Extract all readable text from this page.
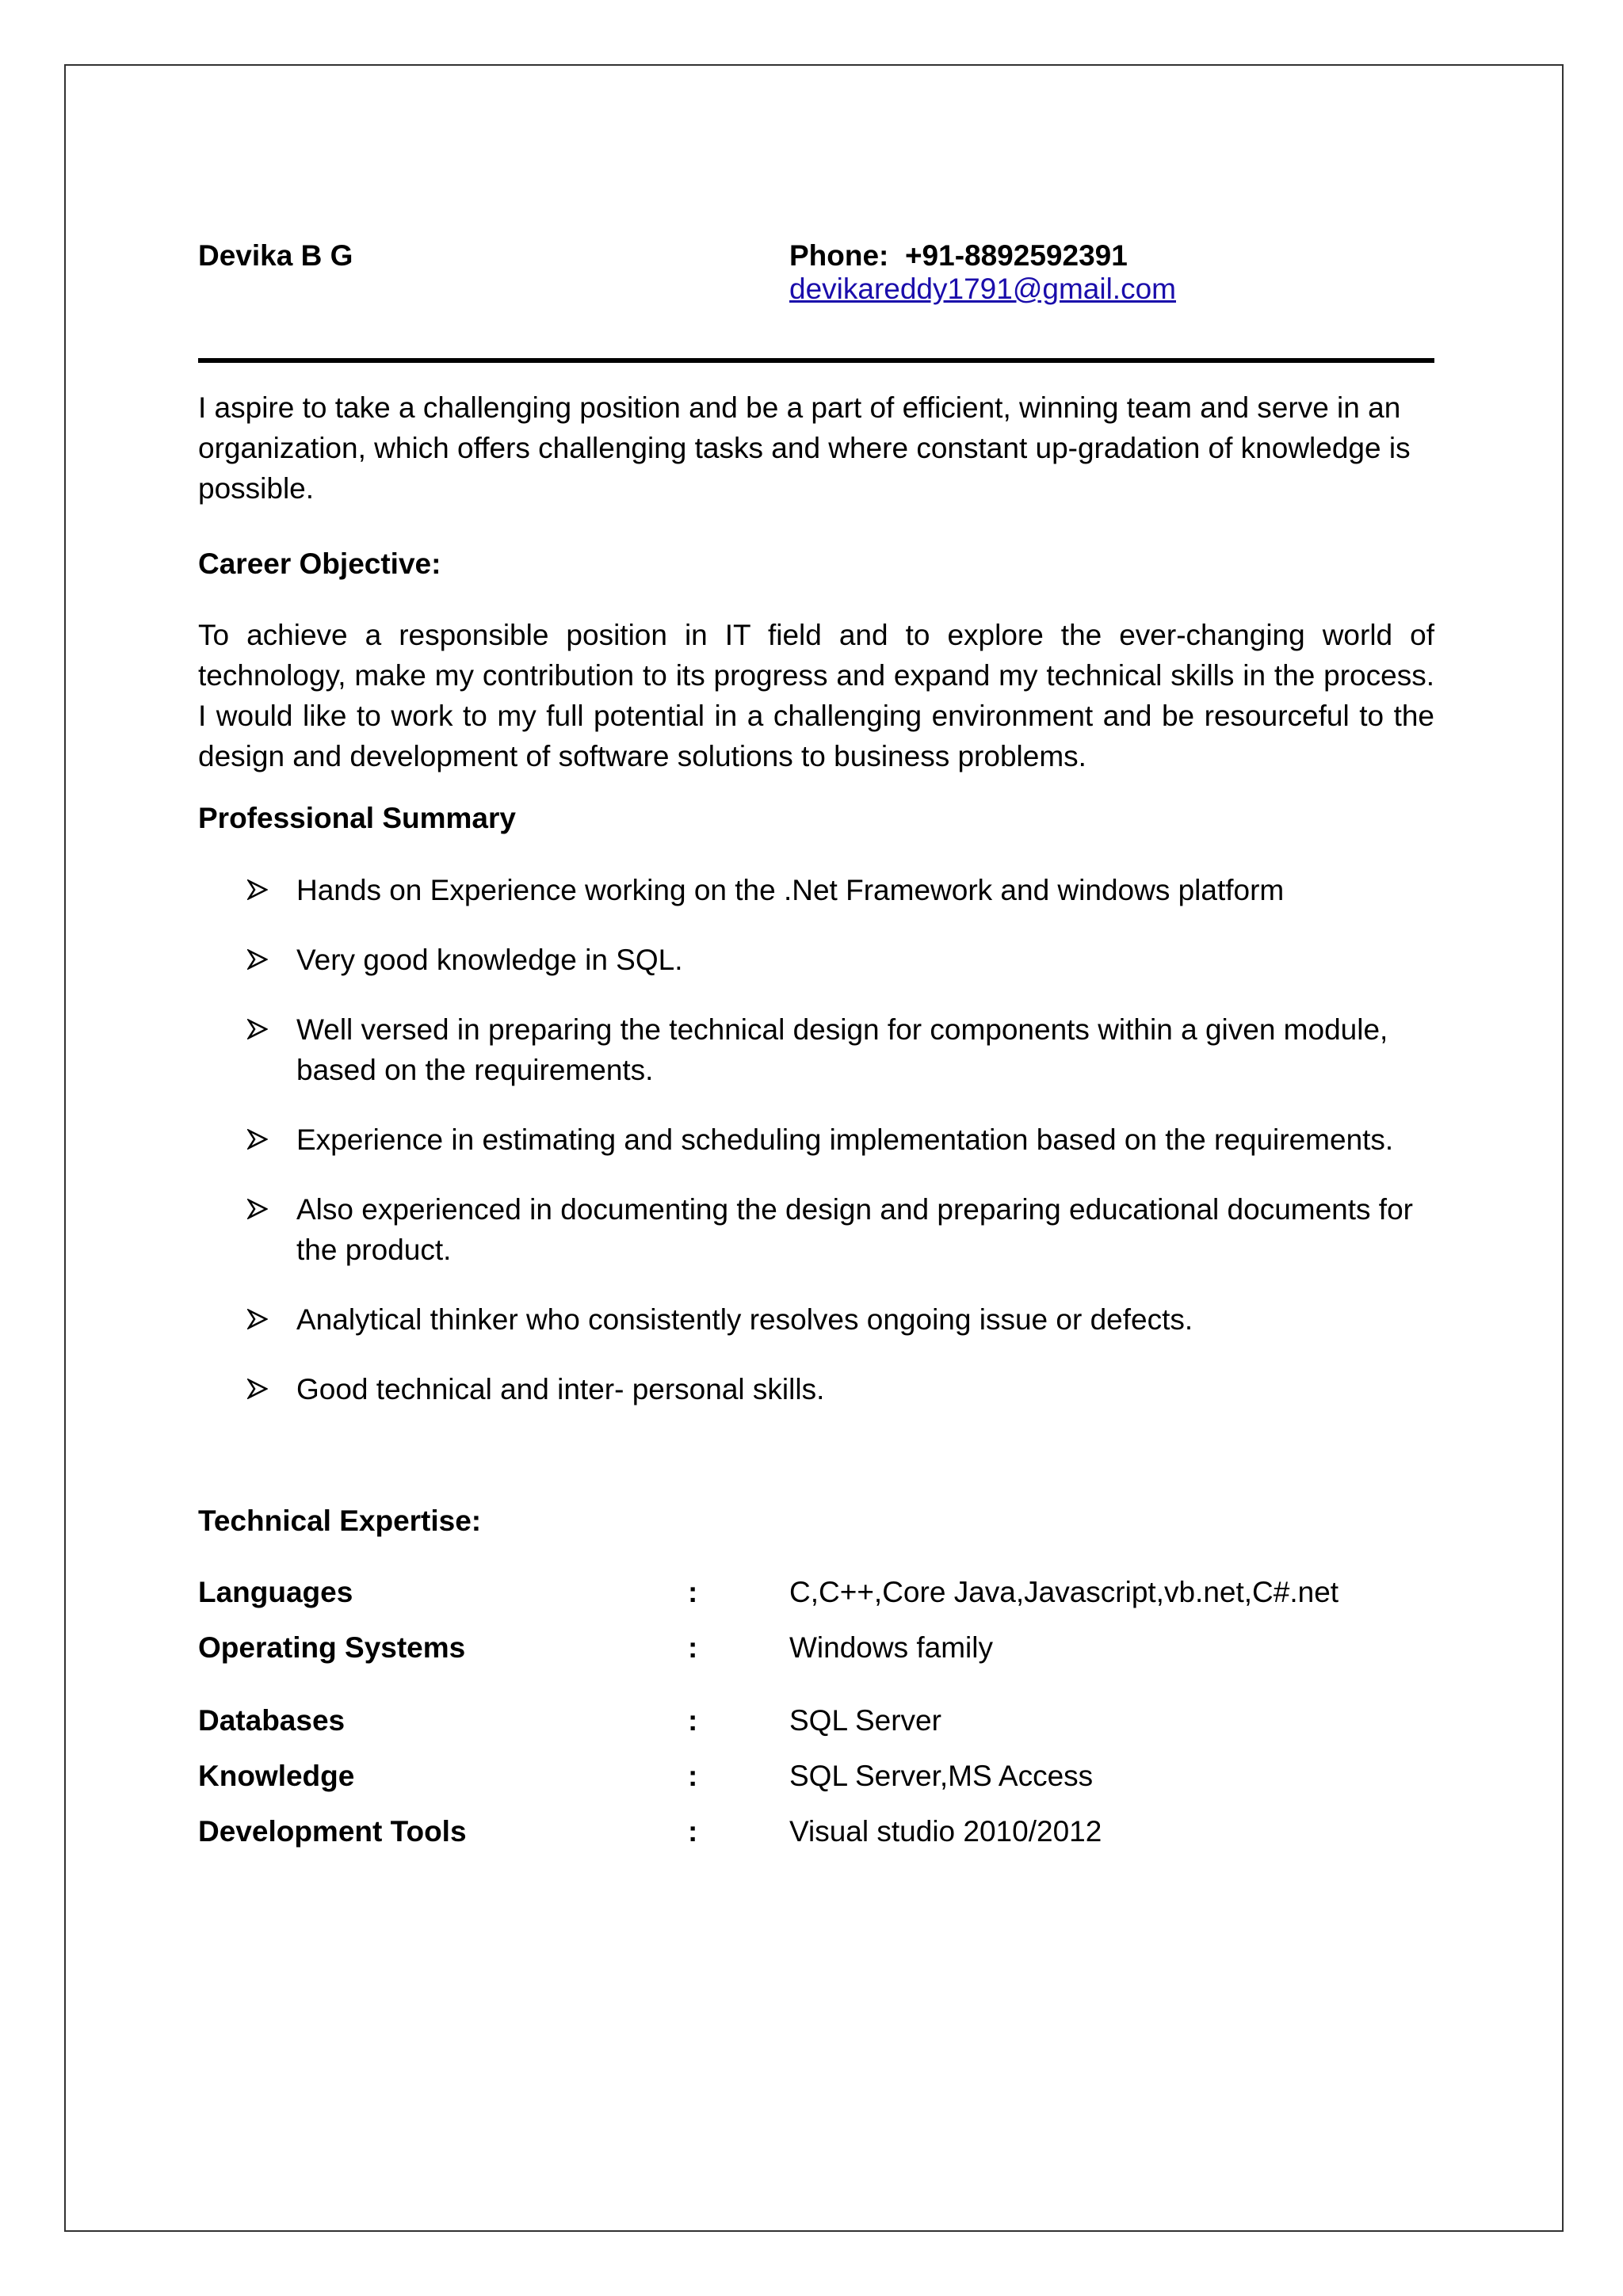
Devika B G	Phone:  +91-8892592391
devikareddy1791@gmail.com
I aspire to take a challenging position and be a part of efficient, winning team and serve in an organization, which offers challenging tasks and where constant up-gradation of knowledge is possible.
Career Objective:
To achieve a responsible position in IT field and to explore the ever-changing world of technology, make my contribution to its progress and expand my technical skills in the process. I would like to work to my full potential in a challenging environment and be resourceful to the design and development of software solutions to business problems.
Professional Summary
Hands on Experience working on the .Net Framework and windows platform
Very good knowledge in SQL.
Well versed in preparing the technical design for components within a given module, based on the requirements.
Experience in estimating and scheduling implementation based on the requirements.
Also experienced in documenting the design and preparing educational documents for the product.
Analytical thinker who consistently resolves ongoing issue or defects.
Good technical and inter- personal skills.
Technical Expertise:
Languages	:	C,C++,Core Java,Javascript,vb.net,C#.net
Operating Systems	:	Windows family
Databases	:	SQL Server
Knowledge	:	SQL Server,MS Access
Development Tools	:	Visual studio 2010/2012
